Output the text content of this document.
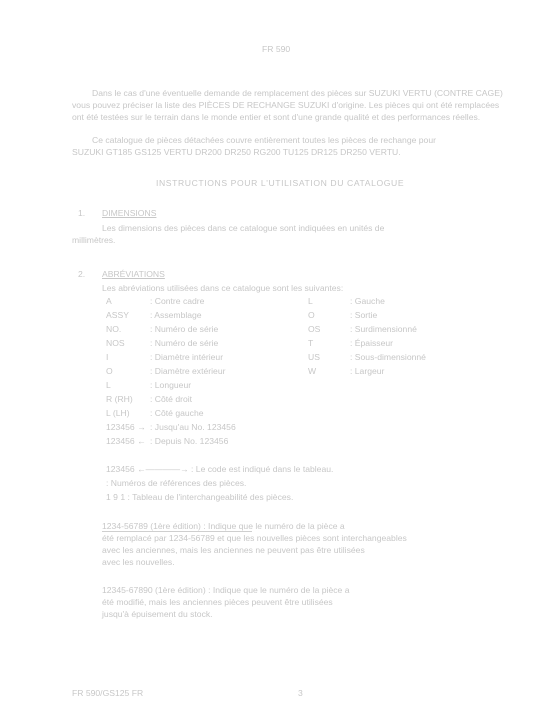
FR 590
Dans le cas d'une éventuelle demande de remplacement des pièces sur SUZUKI VERTU (CONTRE CAGE)
vous pouvez préciser la liste des PIÈCES DE RECHANGE SUZUKI d'origine. Les pièces qui ont été remplacées
ont été testées sur le terrain dans le monde entier et sont d'une grande qualité et des performances réelles.
Ce catalogue de pièces détachées couvre entièrement toutes les pièces de rechange pour
SUZUKI GT185 GS125 VERTU DR200 DR250 RG200 TU125 DR125 DR250 VERTU.
INSTRUCTIONS POUR L'UTILISATION DU CATALOGUE
1. DIMENSIONS
Les dimensions des pièces dans ce catalogue sont indiquées en unités de
millimètres.
2. ABRÉVIATIONS
Les abréviations utilisées dans ce catalogue sont les suivantes:
A	: Contre cadre	L	: Gauche
ASSY : Assemblage	O	: Sortie
NO.	: Numéro de série	OS	: Surdimensionné
NOS	: Numéro de série	T	: Épaisseur
I	: Diamètre intérieur	US	: Sous-dimensionné
O	: Diamètre extérieur	W	: Largeur
L	: Longueur
R (RH) : Côté droit
L (LH) : Côté gauche
123456 → : Jusqu'au No. 123456
123456 ← : Depuis No. 123456
123456 ←————→ : Le code est indiqué dans le tableau.
: Numéros de références des pièces.
1 9 1 : Tableau de l'interchangeabilité des pièces.
1234-56789 (1ère édition) : Indique que le numéro de la pièce a
été remplacé par 1234-56789 et que les nouvelles pièces sont interchangeables
avec les anciennes, mais les anciennes ne peuvent pas être utilisées
avec les nouvelles.
12345-67890 (1ère édition) : Indique que le numéro de la pièce a
été modifié, mais les anciennes pièces peuvent être utilisées
jusqu'à épuisement du stock.
FR 590/GS125 FR	3
